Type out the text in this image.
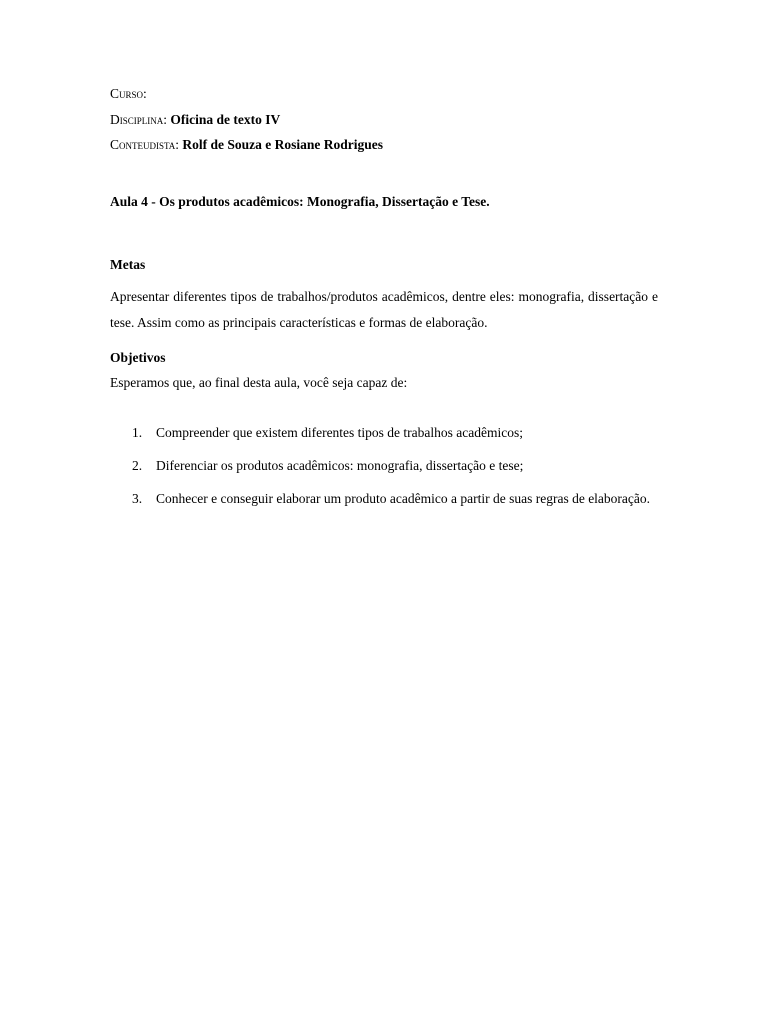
Curso:
Disciplina: Oficina de texto IV
Conteudista: Rolf de Souza e Rosiane Rodrigues
Aula 4 - Os produtos acadêmicos: Monografia, Dissertação e Tese.
Metas
Apresentar diferentes tipos de trabalhos/produtos acadêmicos, dentre eles: monografia, dissertação e tese. Assim como as principais características e formas de elaboração.
Objetivos
Esperamos que, ao final desta aula, você seja capaz de:
1. Compreender que existem diferentes tipos de trabalhos acadêmicos;
2. Diferenciar os produtos acadêmicos: monografia, dissertação e tese;
3. Conhecer e conseguir elaborar um produto acadêmico a partir de suas regras de elaboração.
